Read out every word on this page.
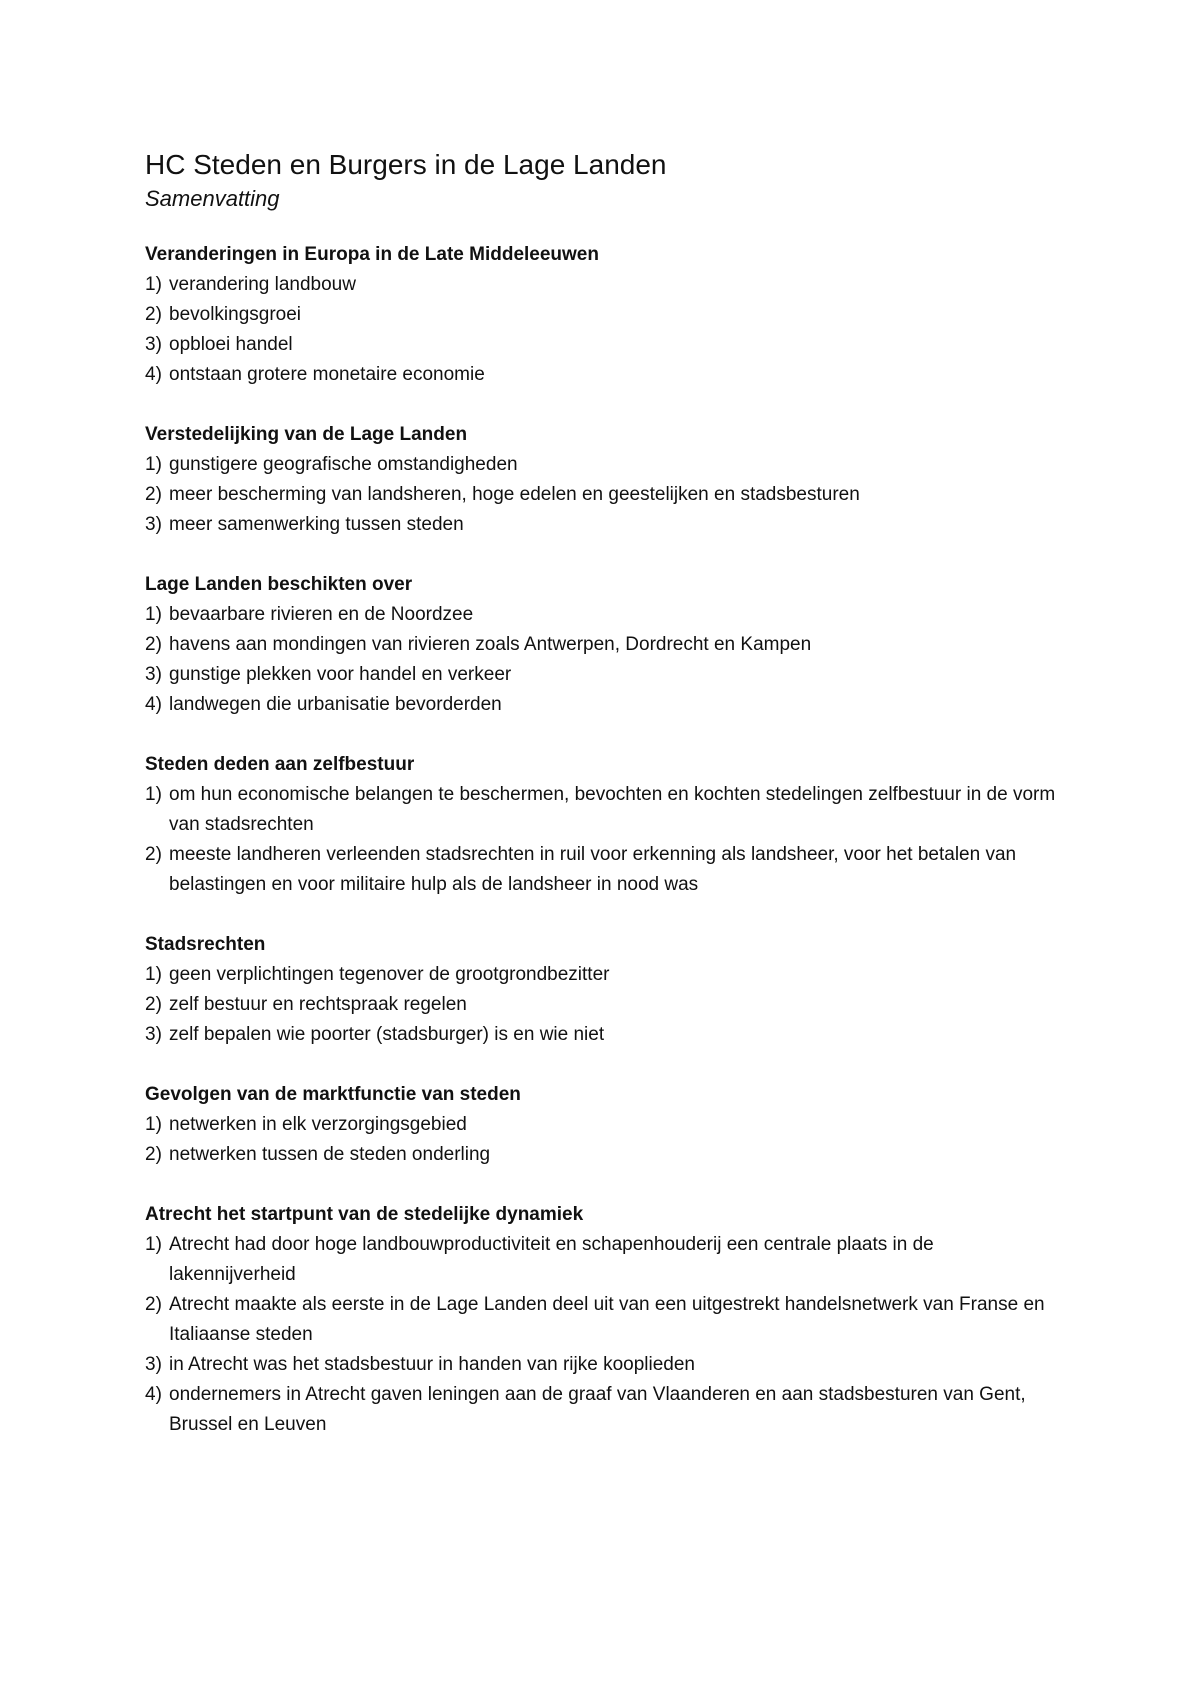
HC Steden en Burgers in de Lage Landen
Samenvatting
Veranderingen in Europa in de Late Middeleeuwen
1) verandering landbouw
2) bevolkingsgroei
3) opbloei handel
4) ontstaan grotere monetaire economie
Verstedelijking van de Lage Landen
1) gunstigere geografische omstandigheden
2) meer bescherming van landsheren, hoge edelen en geestelijken en stadsbesturen
3) meer samenwerking tussen steden
Lage Landen beschikten over
1) bevaarbare rivieren en de Noordzee
2) havens aan mondingen van rivieren zoals Antwerpen, Dordrecht en Kampen
3) gunstige plekken voor handel en verkeer
4) landwegen die urbanisatie bevorderden
Steden deden aan zelfbestuur
1) om hun economische belangen te beschermen, bevochten en kochten stedelingen zelfbestuur in de vorm van stadsrechten
2) meeste landheren verleenden stadsrechten in ruil voor erkenning als landsheer, voor het betalen van belastingen en voor militaire hulp als de landsheer in nood was
Stadsrechten
1) geen verplichtingen tegenover de grootgrondbezitter
2) zelf bestuur en rechtspraak regelen
3) zelf bepalen wie poorter (stadsburger) is en wie niet
Gevolgen van de marktfunctie van steden
1) netwerken in elk verzorgingsgebied
2) netwerken tussen de steden onderling
Atrecht het startpunt van de stedelijke dynamiek
1) Atrecht had door hoge landbouwproductiviteit en schapenhouderij een centrale plaats in de lakennijverheid
2) Atrecht maakte als eerste in de Lage Landen deel uit van een uitgestrekt handelsnetwerk van Franse en Italiaanse steden
3) in Atrecht was het stadsbestuur in handen van rijke kooplieden
4) ondernemers in Atrecht gaven leningen aan de graaf van Vlaanderen en aan stadsbesturen van Gent, Brussel en Leuven
